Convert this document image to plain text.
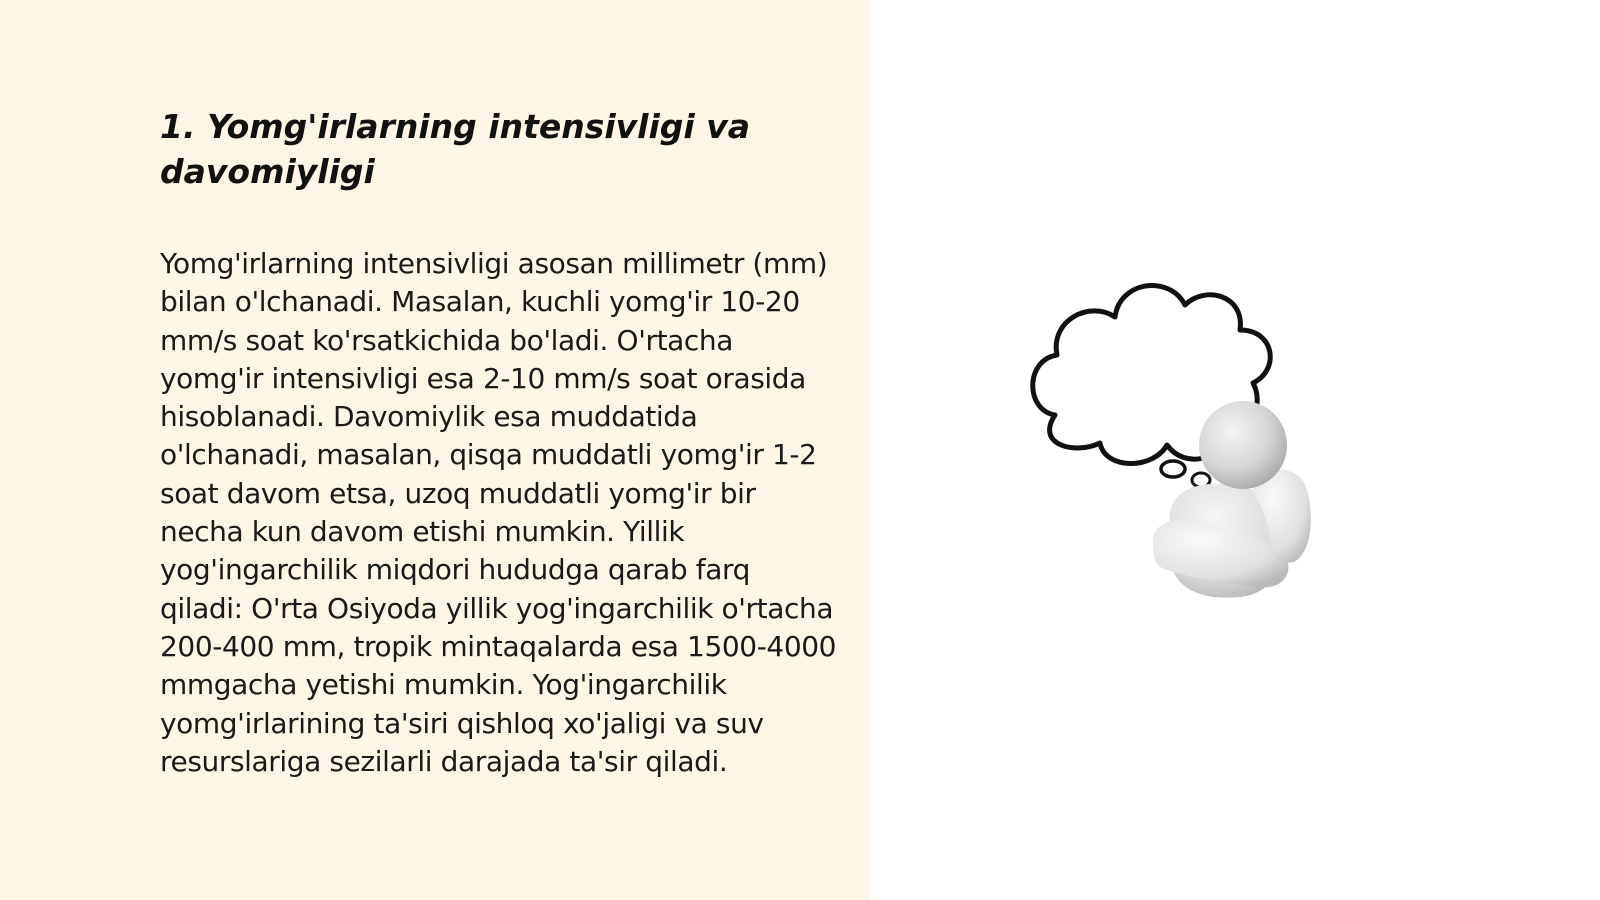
1. Yomg'irlarning intensivligi va davomiyligi

Yomg'irlarning intensivligi asosan millimetr (mm) bilan o'lchanadi. Masalan, kuchli yomg'ir 10-20 mm/s soat ko'rsatkichida bo'ladi. O'rtacha yomg'ir intensivligi esa 2-10 mm/s soat orasida hisoblanadi. Davomiylik esa muddatida o'lchanadi, masalan, qisqa muddatli yomg'ir 1-2 soat davom etsa, uzoq muddatli yomg'ir bir necha kun davom etishi mumkin. Yillik yog'ingarchilik miqdori hududga qarab farq qiladi: O'rta Osiyoda yillik yog'ingarchilik o'rtacha 200-400 mm, tropik mintaqalarda esa 1500-4000 mmgacha yetishi mumkin. Yog'ingarchilik yomg'irlarining ta'siri qishloq xo'jaligi va suv resurslariga sezilarli darajada ta'sir qiladi.
